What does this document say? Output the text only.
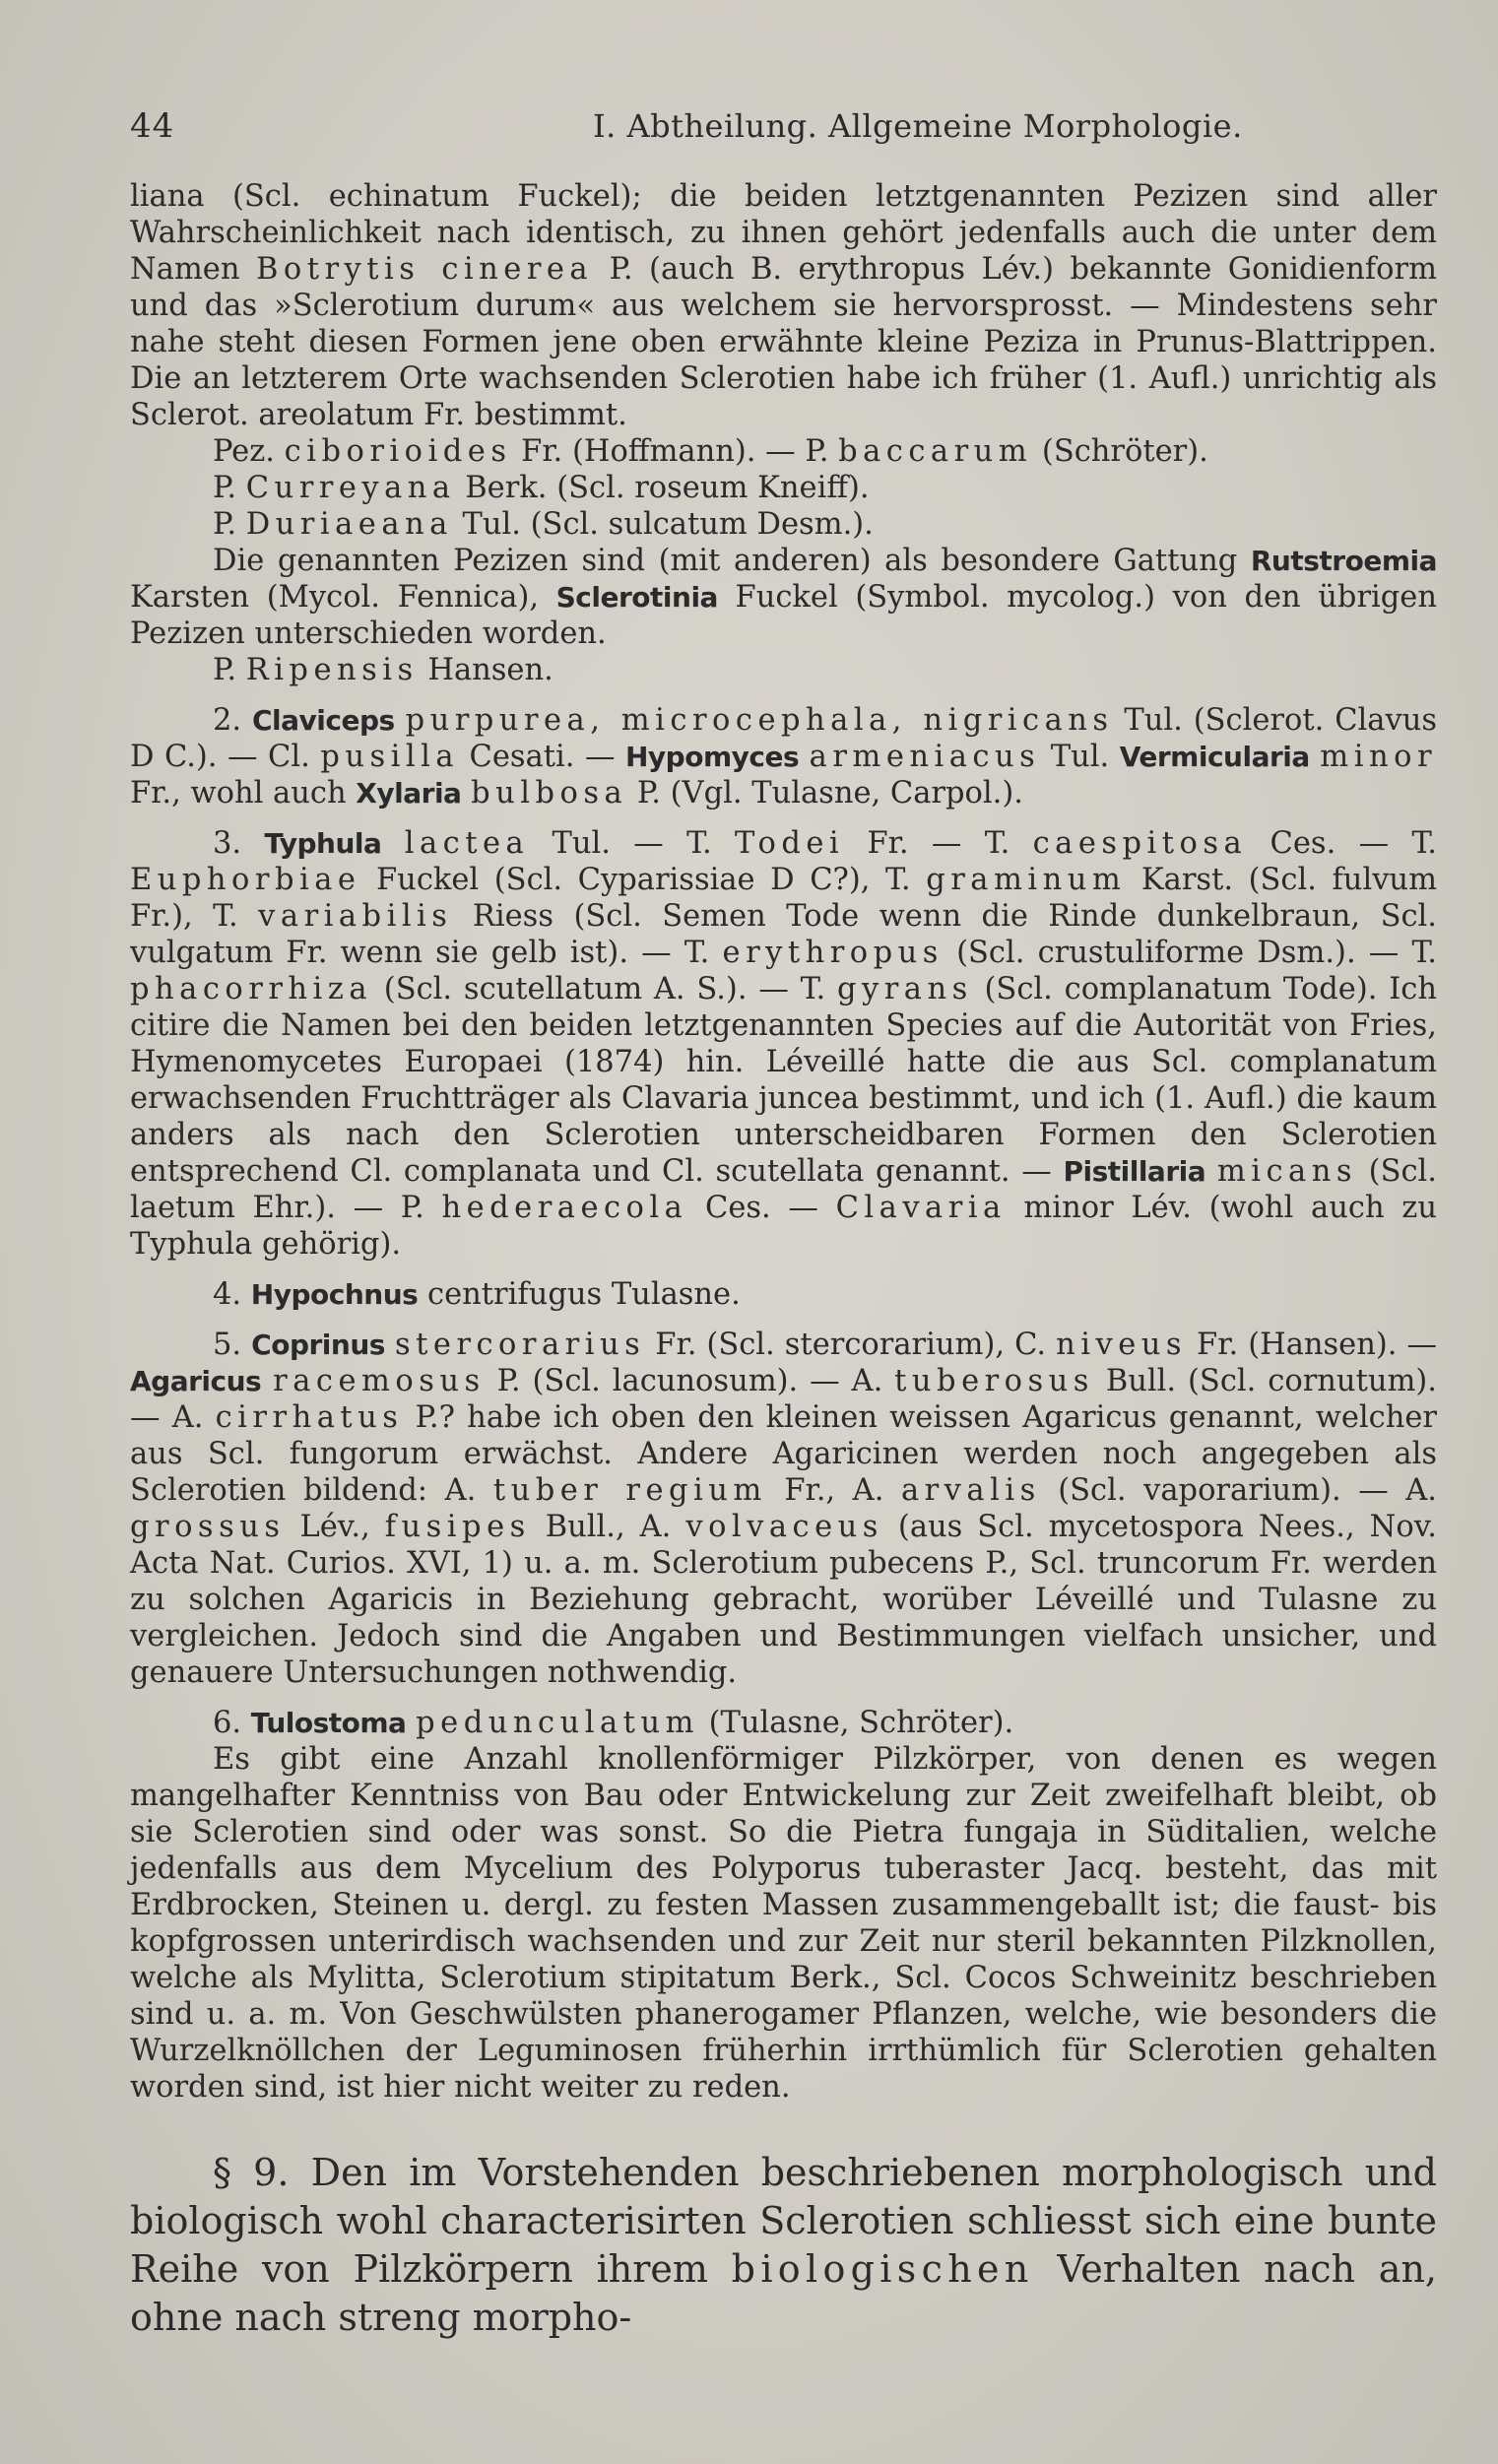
44	I. Abtheilung. Allgemeine Morphologie.

liana (Scl. echinatum Fuckel); die beiden letztgenannten Pezizen sind aller Wahrscheinlichkeit nach identisch, zu ihnen gehört jedenfalls auch die unter dem Namen Botrytis cinerea P. (auch B. erythropus Lév.) bekannte Gonidienform und das »Sclerotium durum« aus welchem sie hervorsprosst. — Mindestens sehr nahe steht diesen Formen jene oben erwähnte kleine Peziza in Prunus-Blattrippen. Die an letzterem Orte wachsenden Sclerotien habe ich früher (1. Aufl.) unrichtig als Sclerot. areolatum Fr. bestimmt.

Pez. ciborioides Fr. (Hoffmann). — P. baccarum (Schröter).

P. Curreyana Berk. (Scl. roseum Kneiff).

P. Duriaeana Tul. (Scl. sulcatum Desm.).

Die genannten Pezizen sind (mit anderen) als besondere Gattung Rutstroemia Karsten (Mycol. Fennica), Sclerotinia Fuckel (Symbol. mycolog.) von den übrigen Pezizen unterschieden worden.

P. Ripensis Hansen.

2. Claviceps purpurea, microcephala, nigricans Tul. (Sclerot. Clavus D C.). — Cl. pusilla Cesati. — Hypomyces armeniacus Tul. Vermicularia minor Fr., wohl auch Xylaria bulbosa P. (Vgl. Tulasne, Carpol.).

3. Typhula lactea Tul. — T. Todei Fr. — T. caespitosa Ces. — T. Euphorbiae Fuckel (Scl. Cyparissiae D C?), T. graminum Karst. (Scl. fulvum Fr.), T. variabilis Riess (Scl. Semen Tode wenn die Rinde dunkelbraun, Scl. vulgatum Fr. wenn sie gelb ist). — T. erythropus (Scl. crustuliforme Dsm.). — T. phacorrhiza (Scl. scutellatum A. S.). — T. gyrans (Scl. complanatum Tode). Ich citire die Namen bei den beiden letztgenannten Species auf die Autorität von Fries, Hymenomycetes Europaei (1874) hin. Léveillé hatte die aus Scl. complanatum erwachsenden Fruchtträger als Clavaria juncea bestimmt, und ich (1. Aufl.) die kaum anders als nach den Sclerotien unterscheidbaren Formen den Sclerotien entsprechend Cl. complanata und Cl. scutellata genannt. — Pistillaria micans (Scl. laetum Ehr.). — P. hederaecola Ces. — Clavaria minor Lév. (wohl auch zu Typhula gehörig).

4. Hypochnus centrifugus Tulasne.

5. Coprinus stercorarius Fr. (Scl. stercorarium), C. niveus Fr. (Hansen). — Agaricus racemosus P. (Scl. lacunosum). — A. tuberosus Bull. (Scl. cornutum). — A. cirrhatus P.? habe ich oben den kleinen weissen Agaricus genannt, welcher aus Scl. fungorum erwächst. Andere Agaricinen werden noch angegeben als Sclerotien bildend: A. tuber regium Fr., A. arvalis (Scl. vaporarium). — A. grossus Lév., fusipes Bull., A. volvaceus (aus Scl. mycetospora Nees., Nov. Acta Nat. Curios. XVI, 1) u. a. m. Sclerotium pubecens P., Scl. truncorum Fr. werden zu solchen Agaricis in Beziehung gebracht, worüber Léveillé und Tulasne zu vergleichen. Jedoch sind die Angaben und Bestimmungen vielfach unsicher, und genauere Untersuchungen nothwendig.

6. Tulostoma pedunculatum (Tulasne, Schröter).

Es gibt eine Anzahl knollenförmiger Pilzkörper, von denen es wegen mangelhafter Kenntniss von Bau oder Entwickelung zur Zeit zweifelhaft bleibt, ob sie Sclerotien sind oder was sonst. So die Pietra fungaja in Süditalien, welche jedenfalls aus dem Mycelium des Polyporus tuberaster Jacq. besteht, das mit Erdbrocken, Steinen u. dergl. zu festen Massen zusammengeballt ist; die faust- bis kopfgrossen unterirdisch wachsenden und zur Zeit nur steril bekannten Pilzknollen, welche als Mylitta, Sclerotium stipitatum Berk., Scl. Cocos Schweinitz beschrieben sind u. a. m. Von Geschwülsten phanerogamer Pflanzen, welche, wie besonders die Wurzelknöllchen der Leguminosen früherhin irrthümlich für Sclerotien gehalten worden sind, ist hier nicht weiter zu reden.

§ 9. Den im Vorstehenden beschriebenen morphologisch und biologisch wohl characterisirten Sclerotien schliesst sich eine bunte Reihe von Pilzkörpern ihrem biologischen Verhalten nach an, ohne nach streng morpho-
